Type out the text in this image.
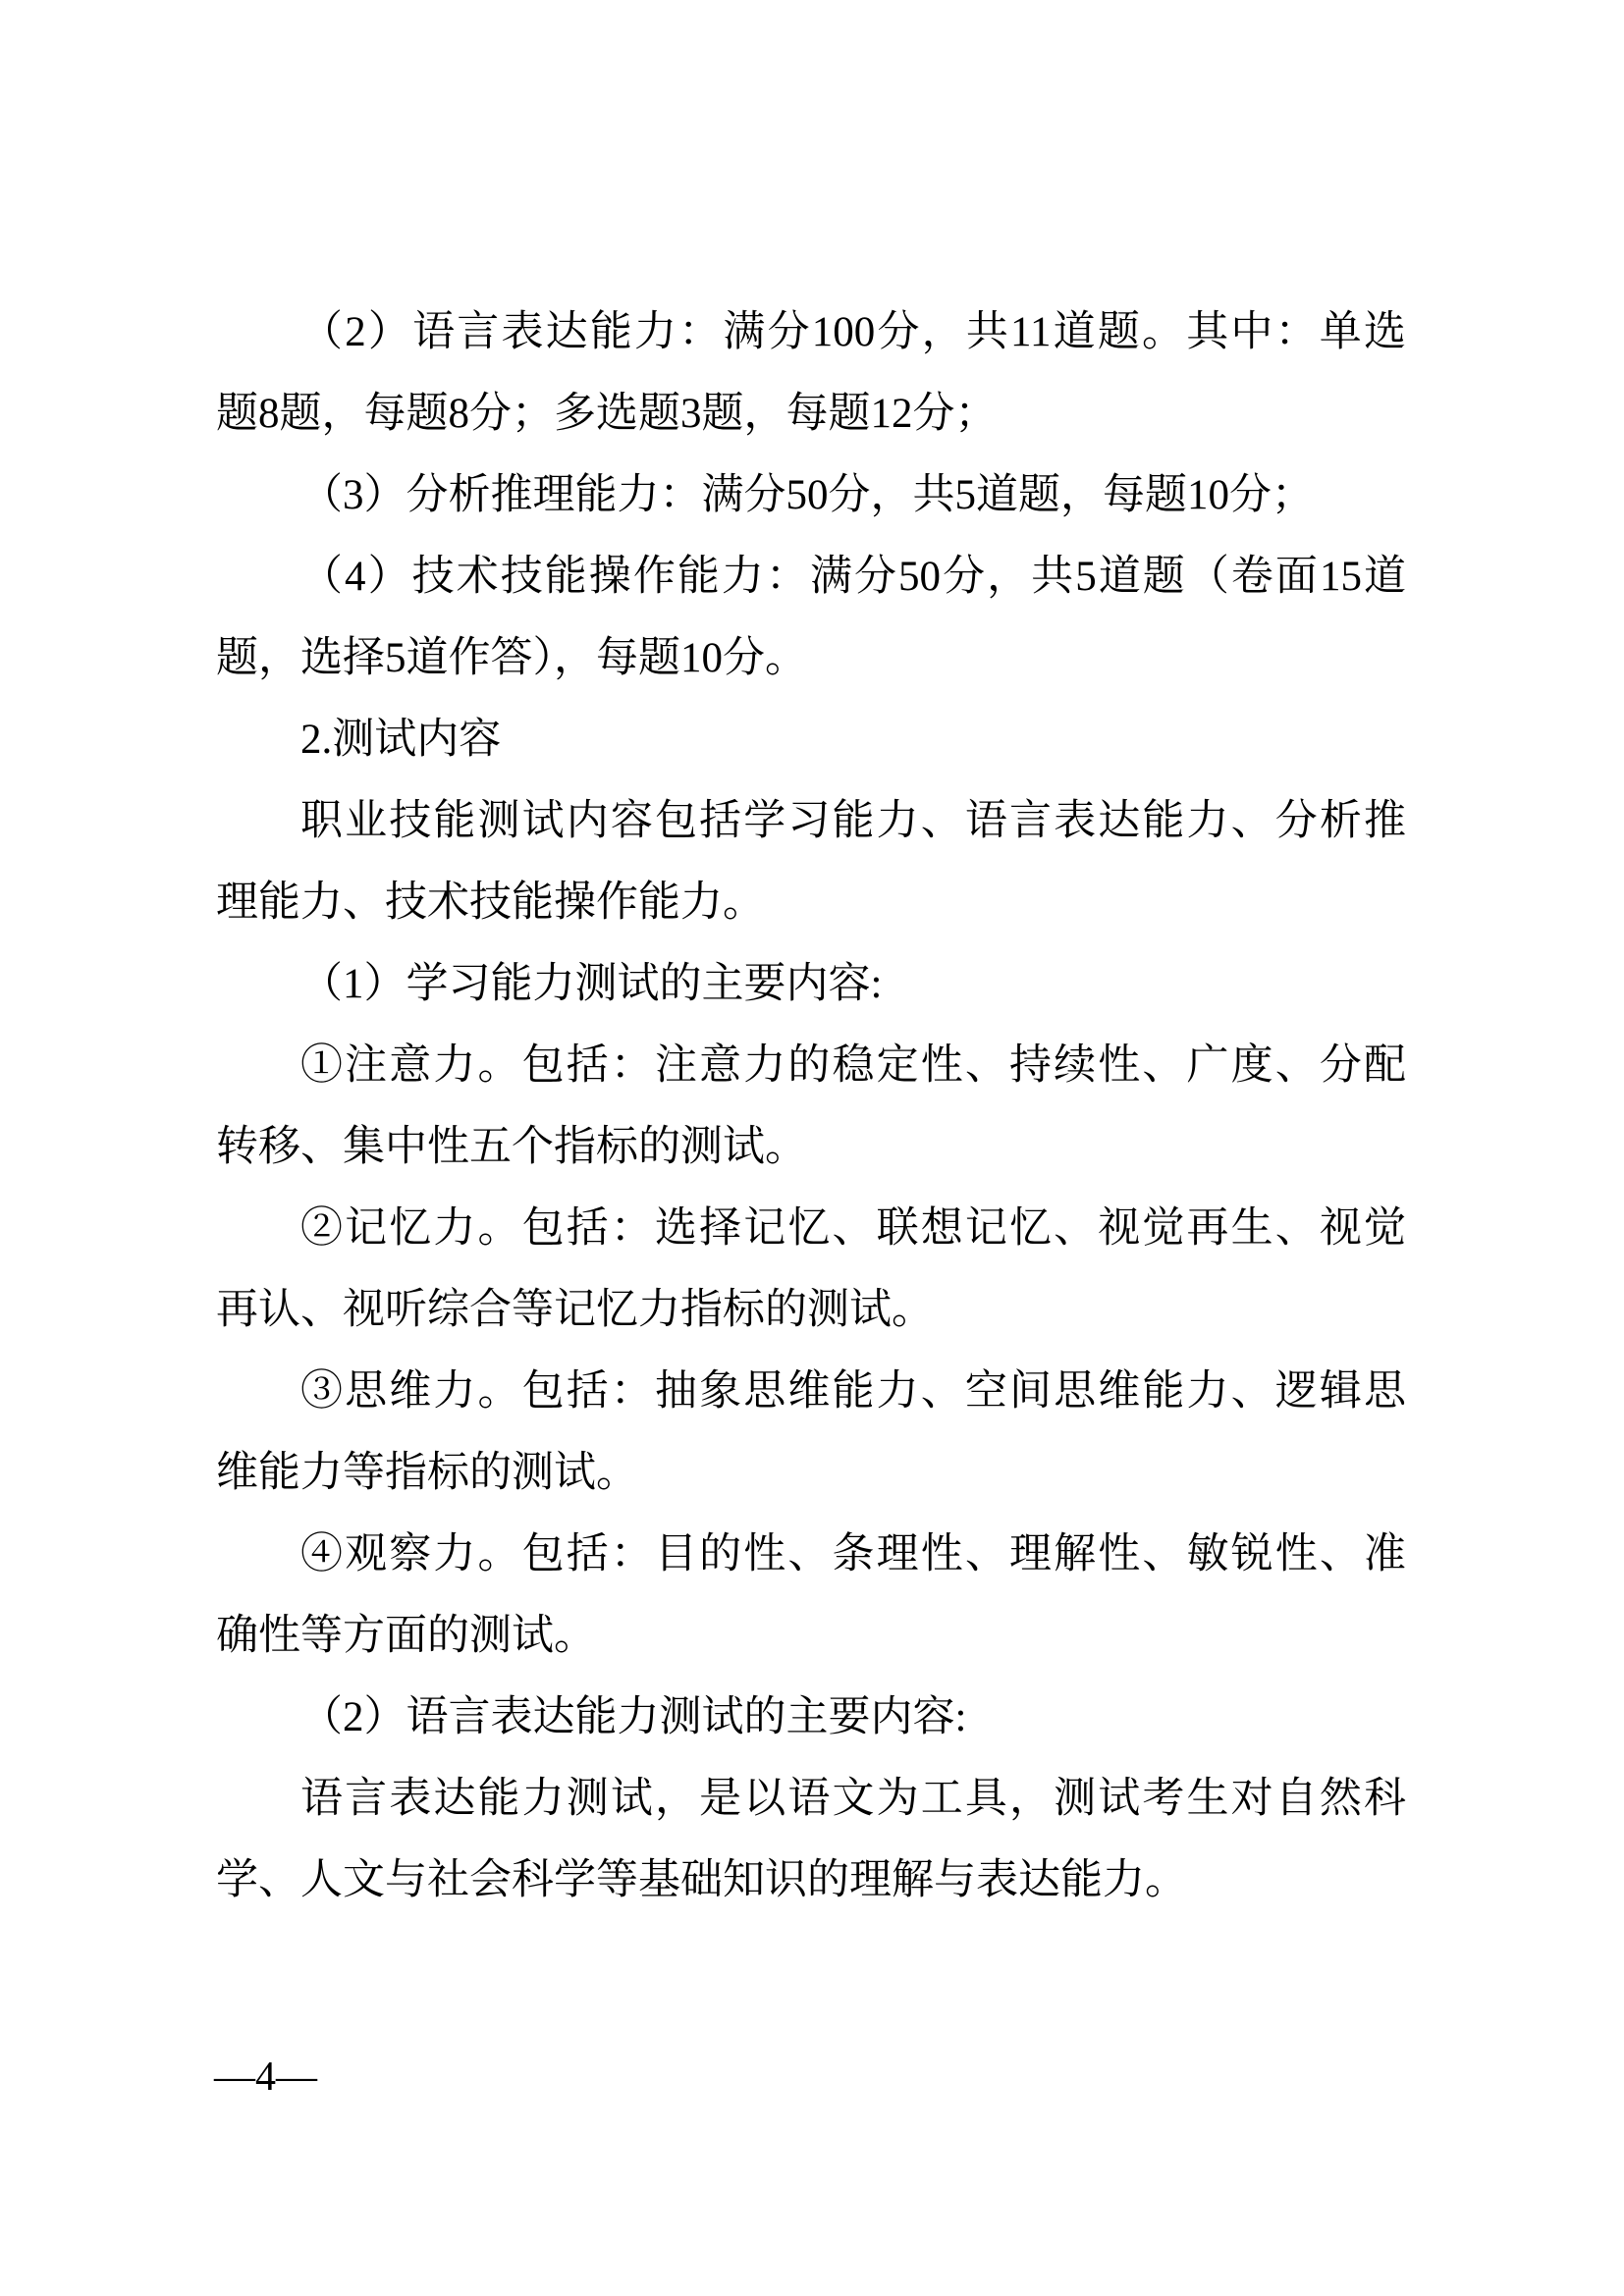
（2）语言表达能力：满分100分，共11道题。其中：单选

题8题，每题8分；多选题3题，每题12分；

（3）分析推理能力：满分50分，共5道题，每题10分；

（4）技术技能操作能力：满分50分，共5道题（卷面15道

题，选择5道作答），每题10分。

2.测试内容

职业技能测试内容包括学习能力、语言表达能力、分析推

理能力、技术技能操作能力。

（1）学习能力测试的主要内容:

①注意力。包括：注意力的稳定性、持续性、广度、分配

转移、集中性五个指标的测试。

②记忆力。包括：选择记忆、联想记忆、视觉再生、视觉

再认、视听综合等记忆力指标的测试。

③思维力。包括：抽象思维能力、空间思维能力、逻辑思

维能力等指标的测试。

④观察力。包括：目的性、条理性、理解性、敏锐性、准

确性等方面的测试。

（2）语言表达能力测试的主要内容:

语言表达能力测试，是以语文为工具，测试考生对自然科

学、人文与社会科学等基础知识的理解与表达能力。

—4—
